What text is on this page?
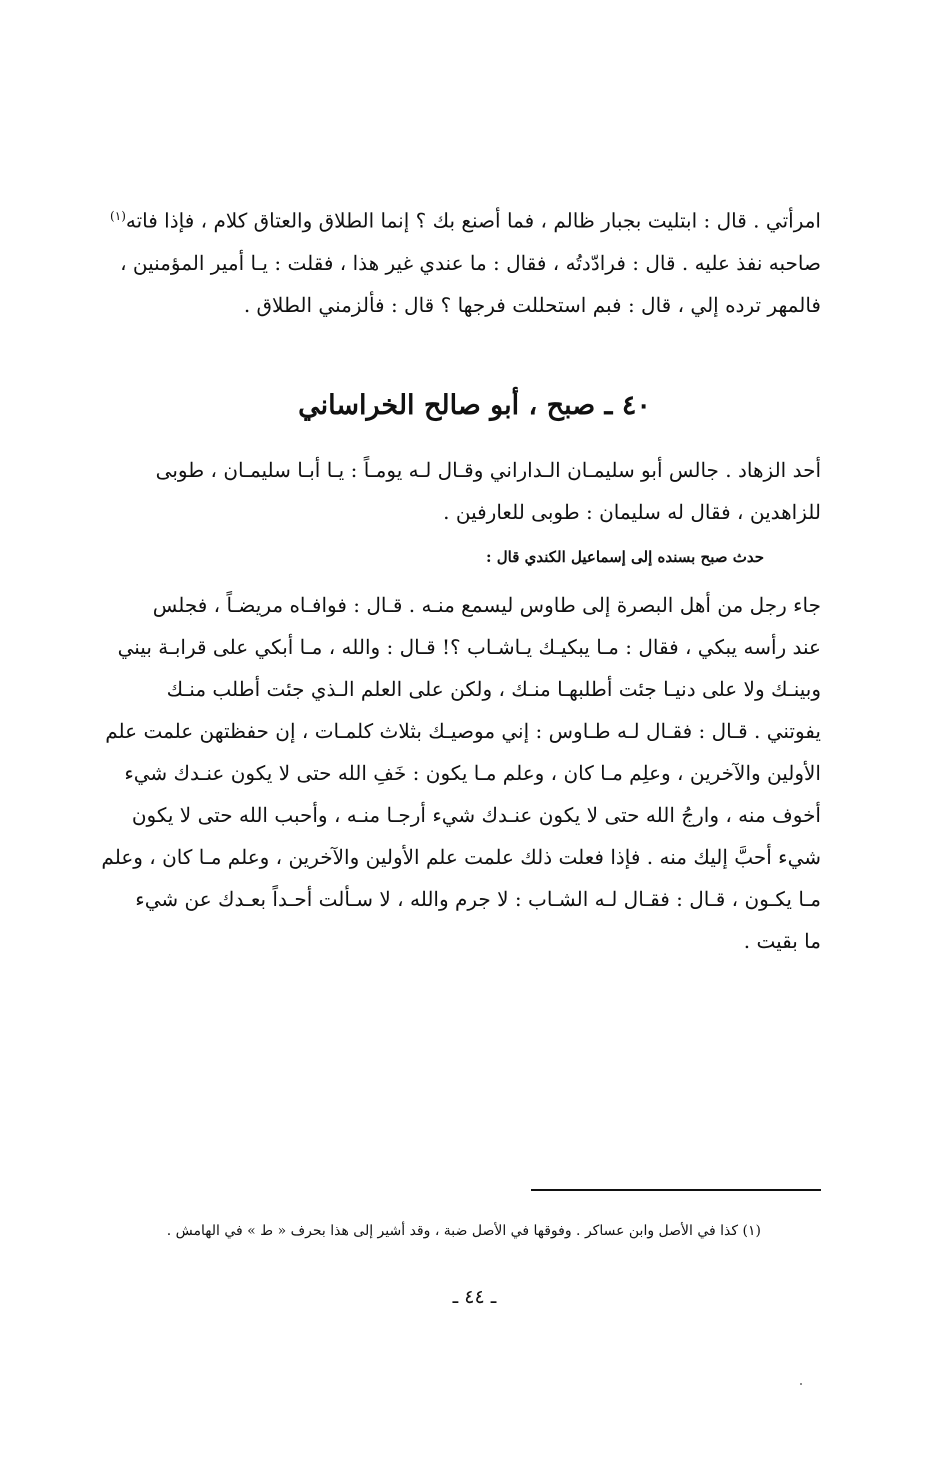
امرأتي . قال : ابتليت بجبار ظالم ، فما أصنع بك ؟ إنما الطلاق والعتاق كلام ، فإذا فاته$^{(١)}$
صاحبه نفذ عليه . قال : فرادّدتُه ، فقال : ما عندي غير هذا ، فقلت : يـا أمير المؤمنين ،
فالمهر ترده إلي ، قال : فبم استحللت فرجها ؟ قال : فألزمني الطلاق .
٤٠ ـ صبح ، أبو صالح الخراساني
أحد الزهاد . جالس أبو سليمـان الـداراني وقـال لـه يومـاً : يـا أبـا سليمـان ، طوبى
للزاهدين ، فقال له سليمان : طوبى للعارفين .

حدث صبح بسنده إلى إسماعيل الكندي قال :

جاء رجل من أهل البصرة إلى طاوس ليسمع منـه . قـال : فوافـاه مريضـاً ، فجلس
عند رأسه يبكي ، فقال : مـا يبكيـك يـاشـاب ؟! قـال : والله ، مـا أبكي على قرابـة بيني
وبينـك ولا على دنيـا جئت أطلبهـا منـك ، ولكن على العلم الـذي جئت أطلب منـك
يفوتني . قـال : فقـال لـه طـاوس : إني موصيـك بثلاث كلمـات ، إن حفظتهن علمت علم
الأولين والآخرين ، وعلِم مـا كان ، وعلم مـا يكون : خَفِ الله حتى لا يكون عنـدك شيء
أخوف منه ، وارجُ الله حتى لا يكون عنـدك شيء أرجـا منـه ، وأحبب الله حتى لا يكون
شيء أحبَّ إليك منه . فإذا فعلت ذلك علمت علم الأولين والآخرين ، وعلم مـا كان ، وعلم
مـا يكـون ، قـال : فقـال لـه الشـاب : لا جرم والله ، لا سـألت أحـداً بعـدك عن شيء
ما بقيت .

(١) كذا في الأصل وابن عساكر . وفوقها في الأصل ضبة ، وقد أشير إلى هذا بحرف « ط » في الهامش .

ـ ٤٤ ـ
